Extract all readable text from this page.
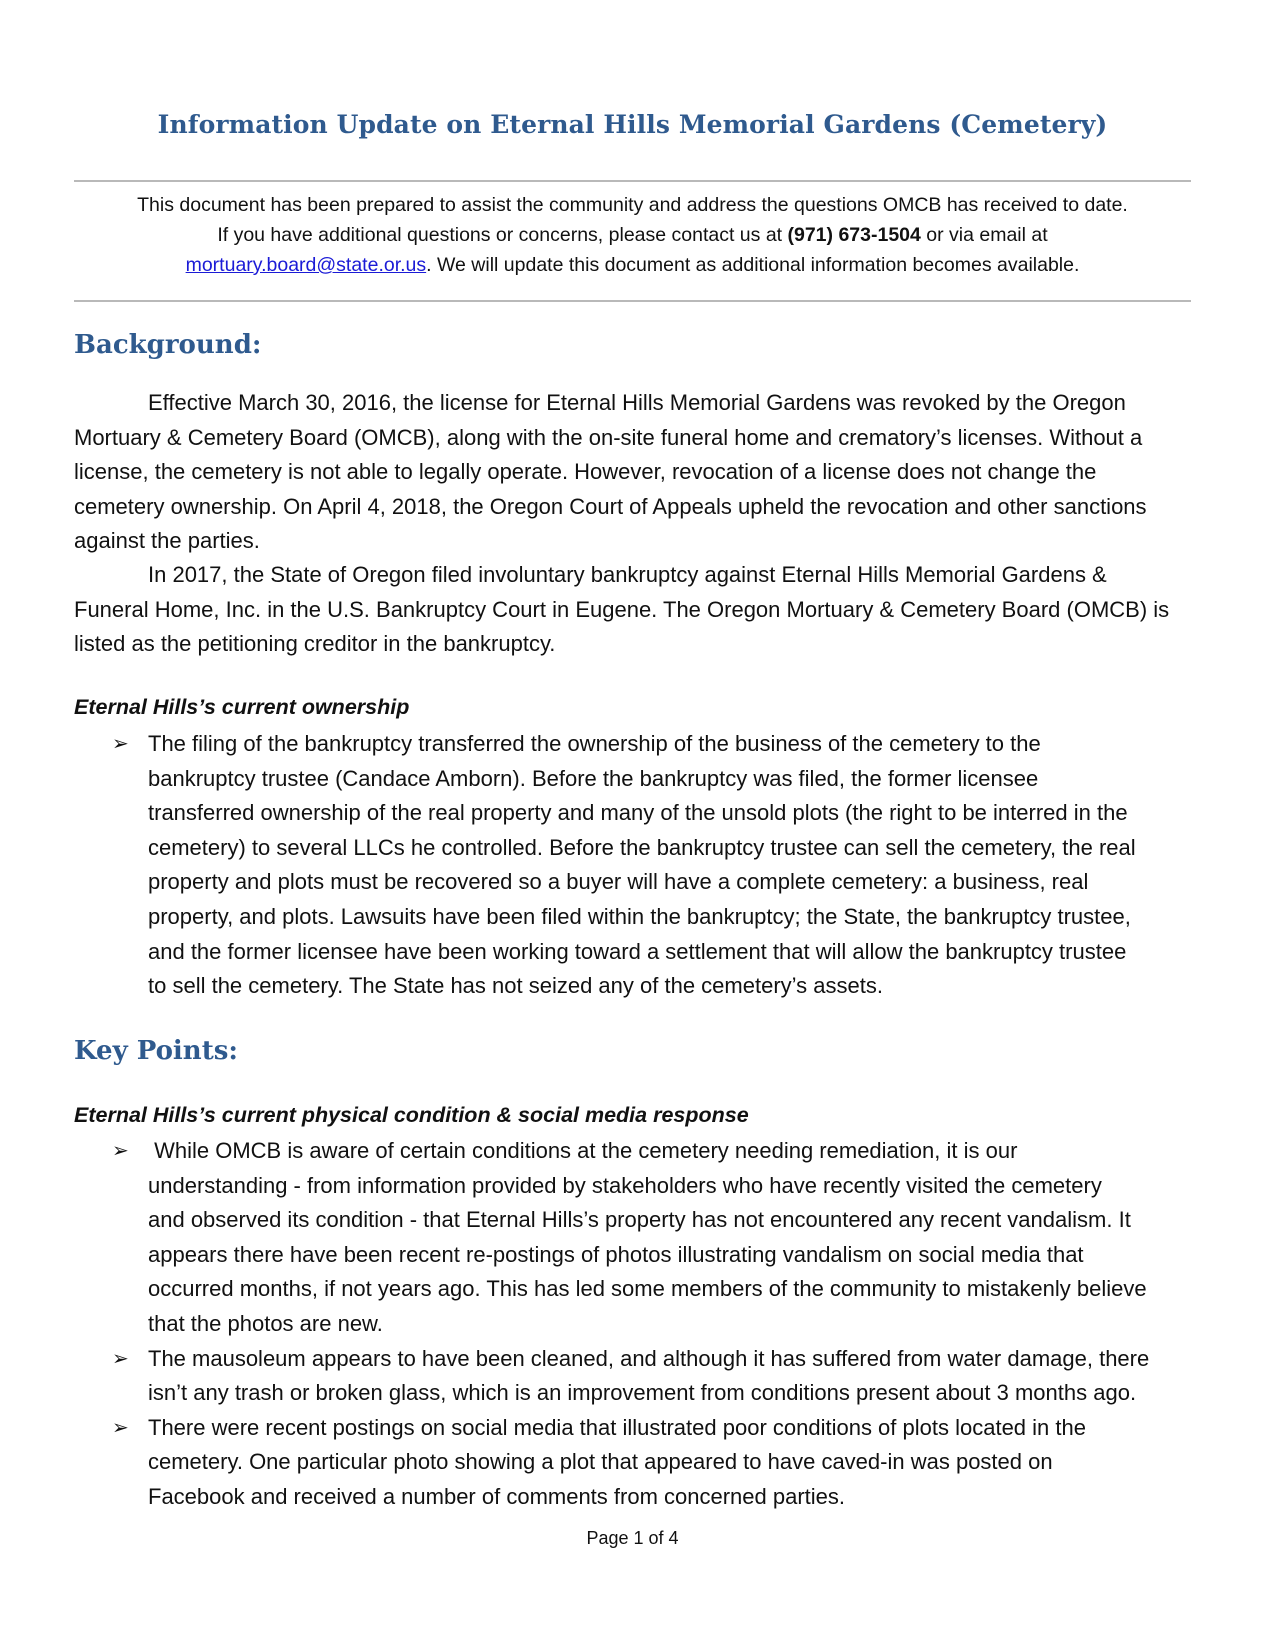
Information Update on Eternal Hills Memorial Gardens (Cemetery)
This document has been prepared to assist the community and address the questions OMCB has received to date.
If you have additional questions or concerns, please contact us at (971) 673-1504 or via email at
mortuary.board@state.or.us. We will update this document as additional information becomes available.
Background:
Effective March 30, 2016, the license for Eternal Hills Memorial Gardens was revoked by the Oregon
Mortuary & Cemetery Board (OMCB), along with the on-site funeral home and crematory’s licenses. Without a
license, the cemetery is not able to legally operate. However, revocation of a license does not change the
cemetery ownership. On April 4, 2018, the Oregon Court of Appeals upheld the revocation and other sanctions
against the parties.
In 2017, the State of Oregon filed involuntary bankruptcy against Eternal Hills Memorial Gardens &
Funeral Home, Inc. in the U.S. Bankruptcy Court in Eugene. The Oregon Mortuary & Cemetery Board (OMCB) is
listed as the petitioning creditor in the bankruptcy.
Eternal Hills’s current ownership
➢ The filing of the bankruptcy transferred the ownership of the business of the cemetery to the
bankruptcy trustee (Candace Amborn). Before the bankruptcy was filed, the former licensee
transferred ownership of the real property and many of the unsold plots (the right to be interred in the
cemetery) to several LLCs he controlled. Before the bankruptcy trustee can sell the cemetery, the real
property and plots must be recovered so a buyer will have a complete cemetery: a business, real
property, and plots. Lawsuits have been filed within the bankruptcy; the State, the bankruptcy trustee,
and the former licensee have been working toward a settlement that will allow the bankruptcy trustee
to sell the cemetery. The State has not seized any of the cemetery’s assets.
Key Points:
Eternal Hills’s current physical condition & social media response
➢ While OMCB is aware of certain conditions at the cemetery needing remediation, it is our
understanding - from information provided by stakeholders who have recently visited the cemetery
and observed its condition - that Eternal Hills’s property has not encountered any recent vandalism. It
appears there have been recent re-postings of photos illustrating vandalism on social media that
occurred months, if not years ago. This has led some members of the community to mistakenly believe
that the photos are new.
➢ The mausoleum appears to have been cleaned, and although it has suffered from water damage, there
isn’t any trash or broken glass, which is an improvement from conditions present about 3 months ago.
➢ There were recent postings on social media that illustrated poor conditions of plots located in the
cemetery. One particular photo showing a plot that appeared to have caved-in was posted on
Facebook and received a number of comments from concerned parties.
Page 1 of 4
